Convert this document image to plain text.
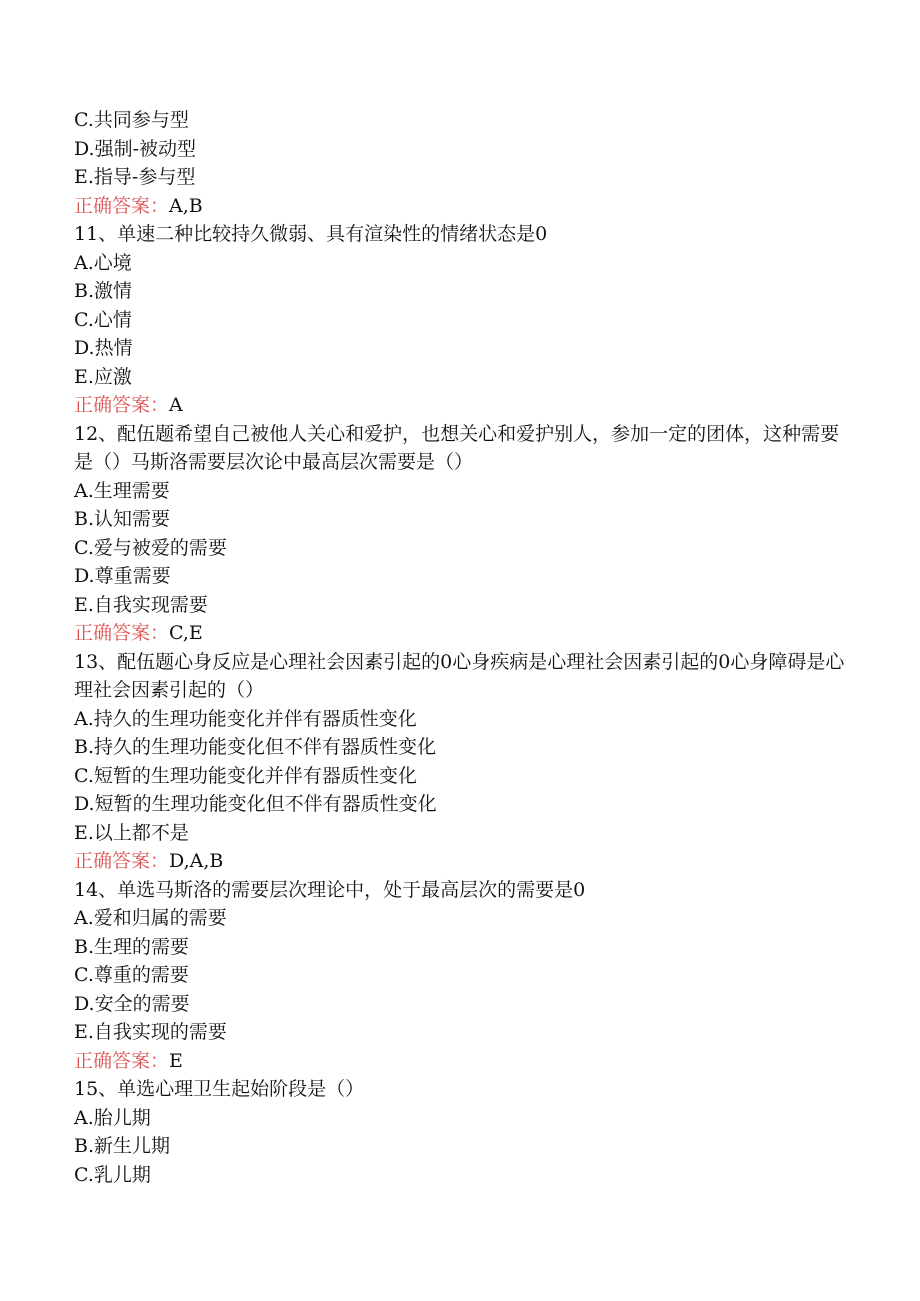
C.共同参与型

D.强制-被动型

E.指导-参与型

正确答案：A,B

11、单速二种比较持久微弱、具有渲染性的情绪状态是0

A.心境

B.激情

C.心情

D.热情

E.应激

正确答案：A

12、配伍题希望自己被他人关心和爱护，也想关心和爱护别人，参加一定的团体，这种需要是（）马斯洛需要层次论中最高层次需要是（）

A.生理需要

B.认知需要

C.爱与被爱的需要

D.尊重需要

E.自我实现需要

正确答案：C,E

13、配伍题心身反应是心理社会因素引起的0心身疾病是心理社会因素引起的0心身障碍是心理社会因素引起的（）

A.持久的生理功能变化并伴有器质性变化

B.持久的生理功能变化但不伴有器质性变化

C.短暂的生理功能变化并伴有器质性变化

D.短暂的生理功能变化但不伴有器质性变化

E.以上都不是

正确答案：D,A,B

14、单选马斯洛的需要层次理论中，处于最高层次的需要是0

A.爱和归属的需要

B.生理的需要

C.尊重的需要

D.安全的需要

E.自我实现的需要

正确答案：E

15、单选心理卫生起始阶段是（）

A.胎儿期

B.新生儿期

C.乳儿期
